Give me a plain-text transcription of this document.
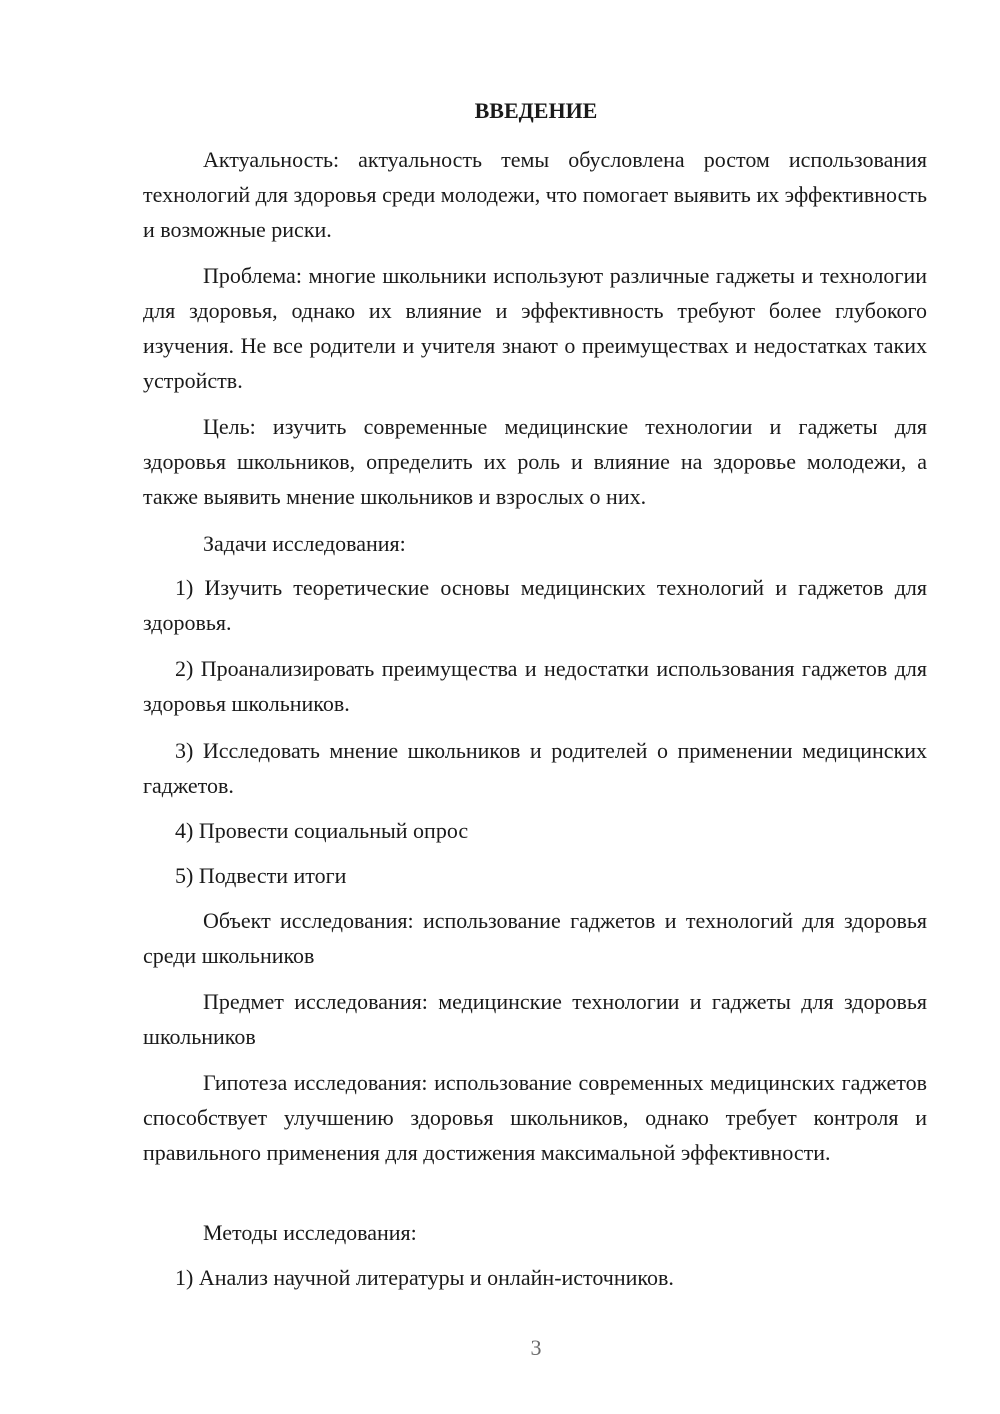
ВВЕДЕНИЕ

Актуальность: актуальность темы обусловлена ростом использования технологий для здоровья среди молодежи, что помогает выявить их эффективность и возможные риски.

Проблема: многие школьники используют различные гаджеты и технологии для здоровья, однако их влияние и эффективность требуют более глубокого изучения. Не все родители и учителя знают о преимуществах и недостатках таких устройств.

Цель: изучить современные медицинские технологии и гаджеты для здоровья школьников, определить их роль и влияние на здоровье молодежи, а также выявить мнение школьников и взрослых о них.

Задачи исследования:

1) Изучить теоретические основы медицинских технологий и гаджетов для здоровья.

2) Проанализировать преимущества и недостатки использования гаджетов для здоровья школьников.

3) Исследовать мнение школьников и родителей о применении медицинских гаджетов.

4) Провести социальный опрос

5) Подвести итоги

Объект исследования: использование гаджетов и технологий для здоровья среди школьников

Предмет исследования: медицинские технологии и гаджеты для здоровья школьников

Гипотеза исследования: использование современных медицинских гаджетов способствует улучшению здоровья школьников, однако требует контроля и правильного применения для достижения максимальной эффективности.

Методы исследования:

1) Анализ научной литературы и онлайн-источников.

3
